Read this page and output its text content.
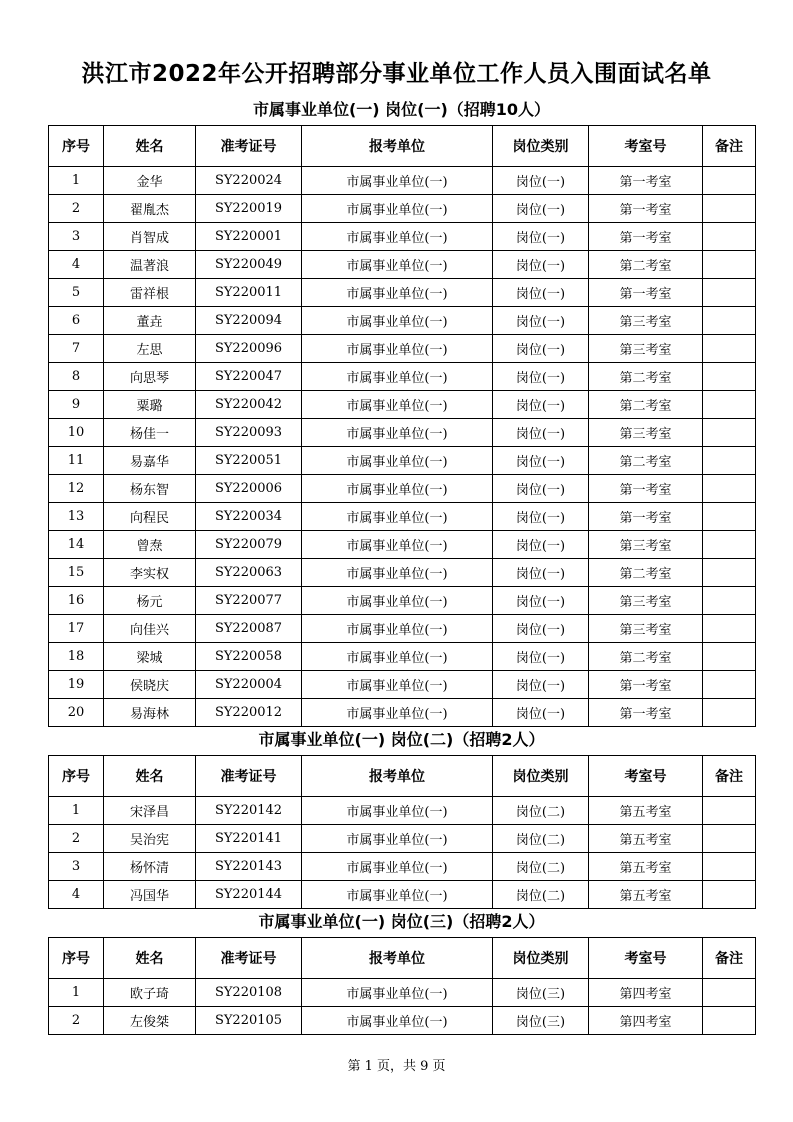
洪江市2022年公开招聘部分事业单位工作人员入围面试名单
市属事业单位(一) 岗位(一)（招聘10人）
序号	姓名	准考证号	报考单位	岗位类别	考室号	备注
1	金华	SY220024	市属事业单位(一)	岗位(一)	第一考室	
2	翟胤杰	SY220019	市属事业单位(一)	岗位(一)	第一考室	
3	肖智成	SY220001	市属事业单位(一)	岗位(一)	第一考室	
4	温著浪	SY220049	市属事业单位(一)	岗位(一)	第二考室	
5	雷祥根	SY220011	市属事业单位(一)	岗位(一)	第一考室	
6	董垚	SY220094	市属事业单位(一)	岗位(一)	第三考室	
7	左思	SY220096	市属事业单位(一)	岗位(一)	第三考室	
8	向思琴	SY220047	市属事业单位(一)	岗位(一)	第二考室	
9	粟璐	SY220042	市属事业单位(一)	岗位(一)	第二考室	
10	杨佳一	SY220093	市属事业单位(一)	岗位(一)	第三考室	
11	易嘉华	SY220051	市属事业单位(一)	岗位(一)	第二考室	
12	杨东智	SY220006	市属事业单位(一)	岗位(一)	第一考室	
13	向程民	SY220034	市属事业单位(一)	岗位(一)	第一考室	
14	曾焘	SY220079	市属事业单位(一)	岗位(一)	第三考室	
15	李实权	SY220063	市属事业单位(一)	岗位(一)	第二考室	
16	杨元	SY220077	市属事业单位(一)	岗位(一)	第三考室	
17	向佳兴	SY220087	市属事业单位(一)	岗位(一)	第三考室	
18	梁城	SY220058	市属事业单位(一)	岗位(一)	第二考室	
19	侯晓庆	SY220004	市属事业单位(一)	岗位(一)	第一考室	
20	易海林	SY220012	市属事业单位(一)	岗位(一)	第一考室	
市属事业单位(一) 岗位(二)（招聘2人）
序号	姓名	准考证号	报考单位	岗位类别	考室号	备注
1	宋泽昌	SY220142	市属事业单位(一)	岗位(二)	第五考室	
2	吴治宪	SY220141	市属事业单位(一)	岗位(二)	第五考室	
3	杨怀清	SY220143	市属事业单位(一)	岗位(二)	第五考室	
4	冯国华	SY220144	市属事业单位(一)	岗位(二)	第五考室	
市属事业单位(一) 岗位(三)（招聘2人）
序号	姓名	准考证号	报考单位	岗位类别	考室号	备注
1	欧子琦	SY220108	市属事业单位(一)	岗位(三)	第四考室	
2	左俊桀	SY220105	市属事业单位(一)	岗位(三)	第四考室	
第 1 页，共 9 页
